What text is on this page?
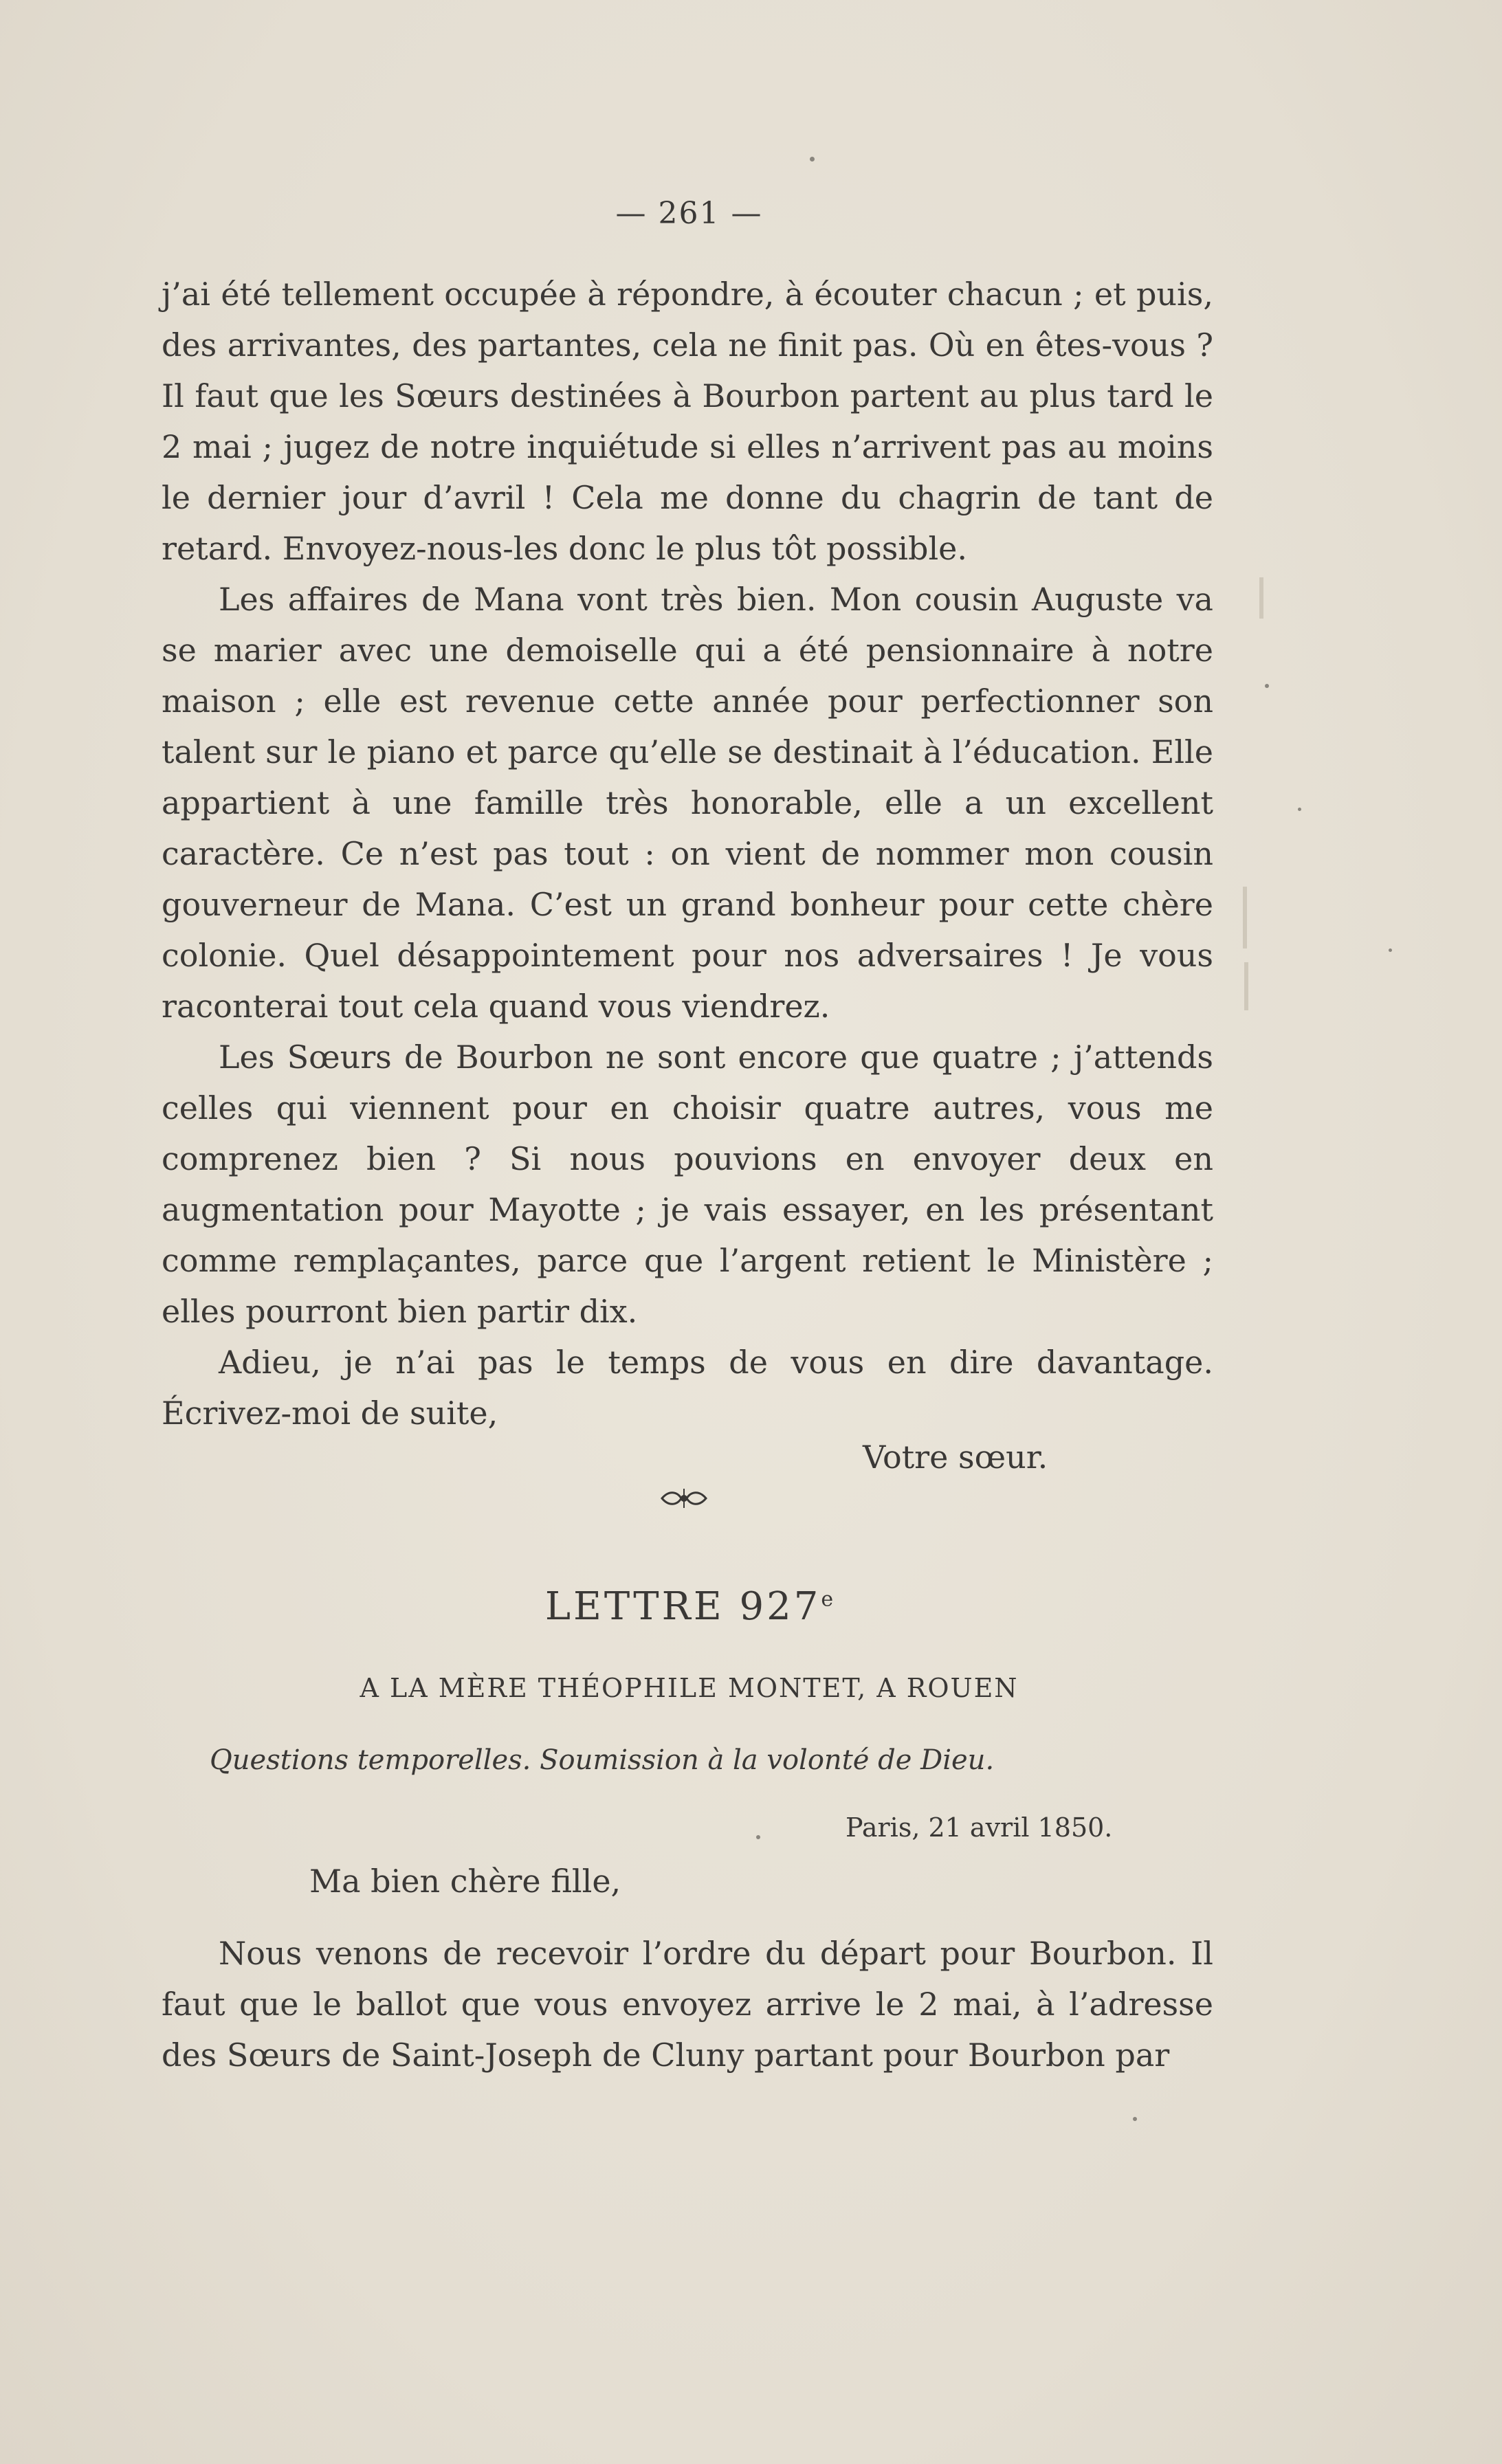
— 261 —

j’ai été tellement occupée à répondre, à écouter chacun ; et puis, des arrivantes, des partantes, cela ne finit pas. Où en êtes-vous ? Il faut que les Sœurs destinées à Bourbon partent au plus tard le 2 mai ; jugez de notre inquiétude si elles n’arrivent pas au moins le dernier jour d’avril ! Cela me donne du chagrin de tant de retard. Envoyez-nous-les donc le plus tôt possible.

Les affaires de Mana vont très bien. Mon cousin Auguste va se marier avec une demoiselle qui a été pensionnaire à notre maison ; elle est revenue cette année pour perfectionner son talent sur le piano et parce qu’elle se destinait à l’éducation. Elle appartient à une famille très honorable, elle a un excellent caractère. Ce n’est pas tout : on vient de nommer mon cousin gouverneur de Mana. C’est un grand bonheur pour cette chère colonie. Quel désappointement pour nos adversaires ! Je vous raconterai tout cela quand vous viendrez.

Les Sœurs de Bourbon ne sont encore que quatre ; j’attends celles qui viennent pour en choisir quatre autres, vous me comprenez bien ? Si nous pouvions en envoyer deux en augmentation pour Mayotte ; je vais essayer, en les présentant comme remplaçantes, parce que l’argent retient le Ministère ; elles pourront bien partir dix.

Adieu, je n’ai pas le temps de vous en dire davantage. Écrivez-moi de suite,

Votre sœur.
LETTRE 927e
A LA MÈRE THÉOPHILE MONTET, A ROUEN
Questions temporelles. Soumission à la volonté de Dieu.
Paris, 21 avril 1850.
Ma bien chère fille,

Nous venons de recevoir l’ordre du départ pour Bourbon. Il faut que le ballot que vous envoyez arrive le 2 mai, à l’adresse des Sœurs de Saint-Joseph de Cluny partant pour Bourbon par
